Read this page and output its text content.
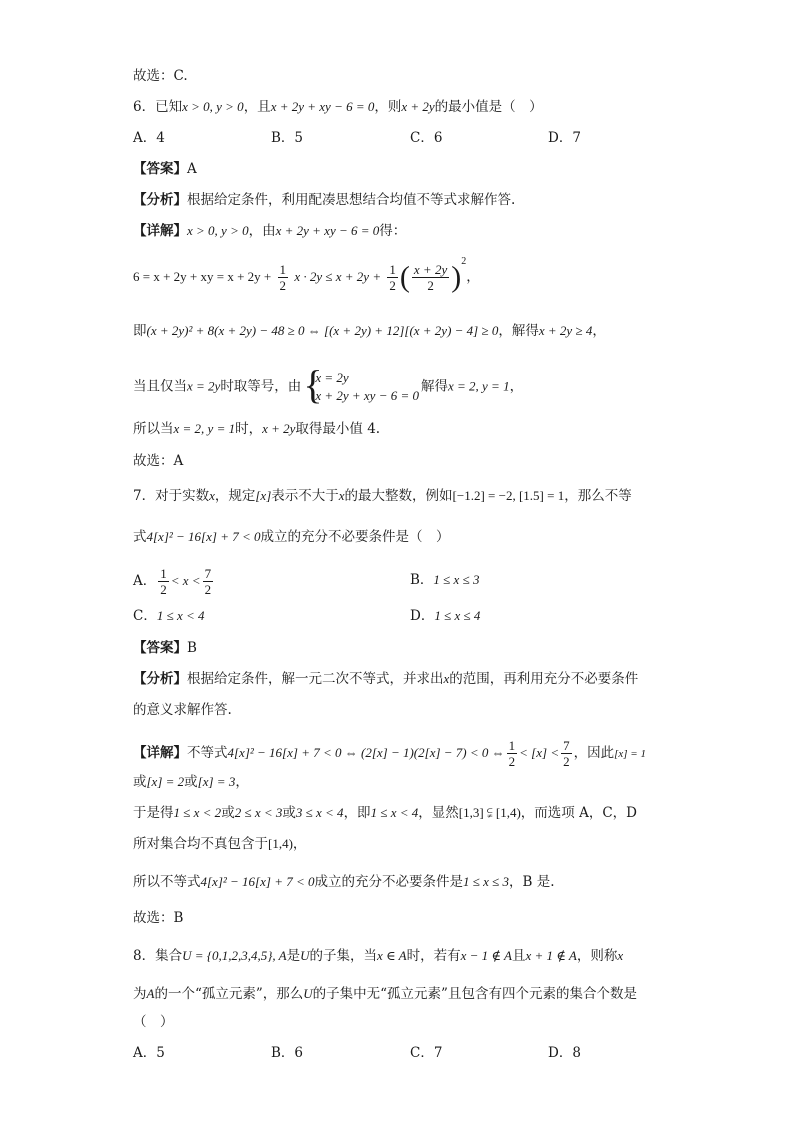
故选：C.
6．已知x > 0, y > 0，且x + 2y + xy − 6 = 0，则x + 2y的最小值是（　）
A．4	B．5	C．6	D．7
【答案】A
【分析】根据给定条件，利用配凑思想结合均值不等式求解作答.
【详解】x > 0, y > 0，由x + 2y + xy − 6 = 0得：
6 = x + 2y + xy = $x + 2y + \frac{1}{2}$ $x \cdot 2y \le x + 2y + \frac{1}{2}$ ( $\frac{x + 2y}{2} )^2$，
即(x + 2y)² + 8(x + 2y) − 48 ≥ 0 ⇔ [(x + 2y) + 12][(x + 2y) − 4] ≥ 0，解得x + 2y ≥ 4，
当且仅当x = 2y时取等号，由 {
x = 2y
x + 2y + xy − 6 = 0
解得x = 2, y = 1，
所以当x = 2, y = 1时，x + 2y取得最小值 4.
故选：A
7．对于实数x，规定[x]表示不大于x的最大整数，例如[−1.2] = −2, [1.5] = 1，那么不等
式4[x]² − 16[x] + 7 < 0成立的充分不必要条件是（　）
A． $\frac{1}{2} < x < \frac{7}{2}$	B．1 ≤ x ≤ 3
C．1 ≤ x < 4	D．1 ≤ x ≤ 4
【答案】B
【分析】根据给定条件，解一元二次不等式，并求出x的范围，再利用充分不必要条件
的意义求解作答.
【详解】不等式4[x]² − 16[x] + 7 < 0 ⇔ (2[x] − 1)(2[x] − 7) < 0 ⇔ $\frac{1}{2} < [x] < \frac{7}{2}$ ，因此[x] = 1
或[x] = 2或[x] = 3，
于是得1 ≤ x < 2或2 ≤ x < 3或3 ≤ x < 4，即1 ≤ x < 4，显然[1,3] ⫋ [1,4)，而选项 A，C，D
所对集合均不真包含于[1,4)，
所以不等式4[x]² − 16[x] + 7 < 0成立的充分不必要条件是1 ≤ x ≤ 3，B 是.
故选：B
8．集合U = {0,1,2,3,4,5}, A是U的子集，当x ∈ A时，若有x − 1 ∉ A且x + 1 ∉ A，则称x
为A的一个“孤立元素”，那么U的子集中无“孤立元素”且包含有四个元素的集合个数是
（　）
A．5	B．6	C．7	D．8
